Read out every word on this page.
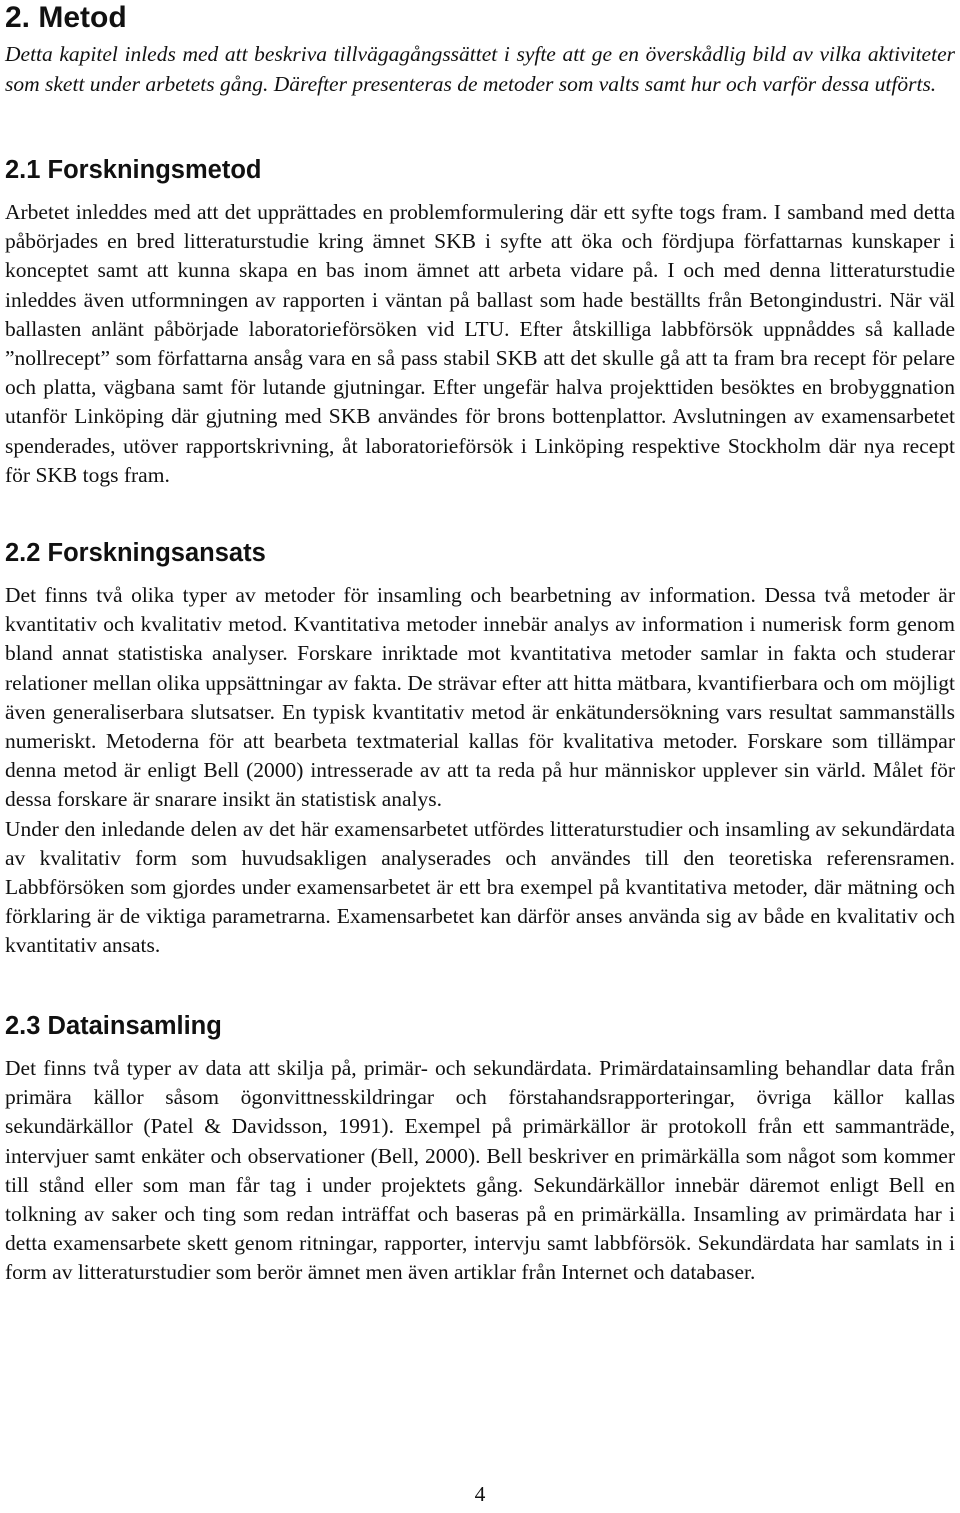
2. Metod

Detta kapitel inleds med att beskriva tillvägagångssättet i syfte att ge en överskådlig bild av vilka aktiviteter som skett under arbetets gång. Därefter presenteras de metoder som valts samt hur och varför dessa utförts.

2.1 Forskningsmetod

Arbetet inleddes med att det upprättades en problemformulering där ett syfte togs fram. I samband med detta påbörjades en bred litteraturstudie kring ämnet SKB i syfte att öka och fördjupa författarnas kunskaper i konceptet samt att kunna skapa en bas inom ämnet att arbeta vidare på. I och med denna litteraturstudie inleddes även utformningen av rapporten i väntan på ballast som hade beställts från Betongindustri. När väl ballasten anlänt påbörjade laboratorieförsöken vid LTU. Efter åtskilliga labbförsök uppnåddes så kallade ”nollrecept” som författarna ansåg vara en så pass stabil SKB att det skulle gå att ta fram bra recept för pelare och platta, vägbana samt för lutande gjutningar. Efter ungefär halva projekttiden besöktes en brobyggnation utanför Linköping där gjutning med SKB användes för brons bottenplattor. Avslutningen av examensarbetet spenderades, utöver rapportskrivning, åt laboratorieförsök i Linköping respektive Stockholm där nya recept för SKB togs fram.

2.2 Forskningsansats

Det finns två olika typer av metoder för insamling och bearbetning av information. Dessa två metoder är kvantitativ och kvalitativ metod. Kvantitativa metoder innebär analys av information i numerisk form genom bland annat statistiska analyser. Forskare inriktade mot kvantitativa metoder samlar in fakta och studerar relationer mellan olika uppsättningar av fakta. De strävar efter att hitta mätbara, kvantifierbara och om möjligt även generaliserbara slutsatser. En typisk kvantitativ metod är enkätundersökning vars resultat sammanställs numeriskt. Metoderna för att bearbeta textmaterial kallas för kvalitativa metoder. Forskare som tillämpar denna metod är enligt Bell (2000) intresserade av att ta reda på hur människor upplever sin värld. Målet för dessa forskare är snarare insikt än statistisk analys.

Under den inledande delen av det här examensarbetet utfördes litteraturstudier och insamling av sekundärdata av kvalitativ form som huvudsakligen analyserades och användes till den teoretiska referensramen. Labbförsöken som gjordes under examensarbetet är ett bra exempel på kvantitativa metoder, där mätning och förklaring är de viktiga parametrarna. Examensarbetet kan därför anses använda sig av både en kvalitativ och kvantitativ ansats.

2.3 Datainsamling

Det finns två typer av data att skilja på, primär- och sekundärdata. Primärdatainsamling behandlar data från primära källor såsom ögonvittnesskildringar och förstahandsrapporteringar, övriga källor kallas sekundärkällor (Patel & Davidsson, 1991). Exempel på primärkällor är protokoll från ett sammanträde, intervjuer samt enkäter och observationer (Bell, 2000). Bell beskriver en primärkälla som något som kommer till stånd eller som man får tag i under projektets gång. Sekundärkällor innebär däremot enligt Bell en tolkning av saker och ting som redan inträffat och baseras på en primärkälla. Insamling av primärdata har i detta examensarbete skett genom ritningar, rapporter, intervju samt labbförsök. Sekundärdata har samlats in i form av litteraturstudier som berör ämnet men även artiklar från Internet och databaser.

4
